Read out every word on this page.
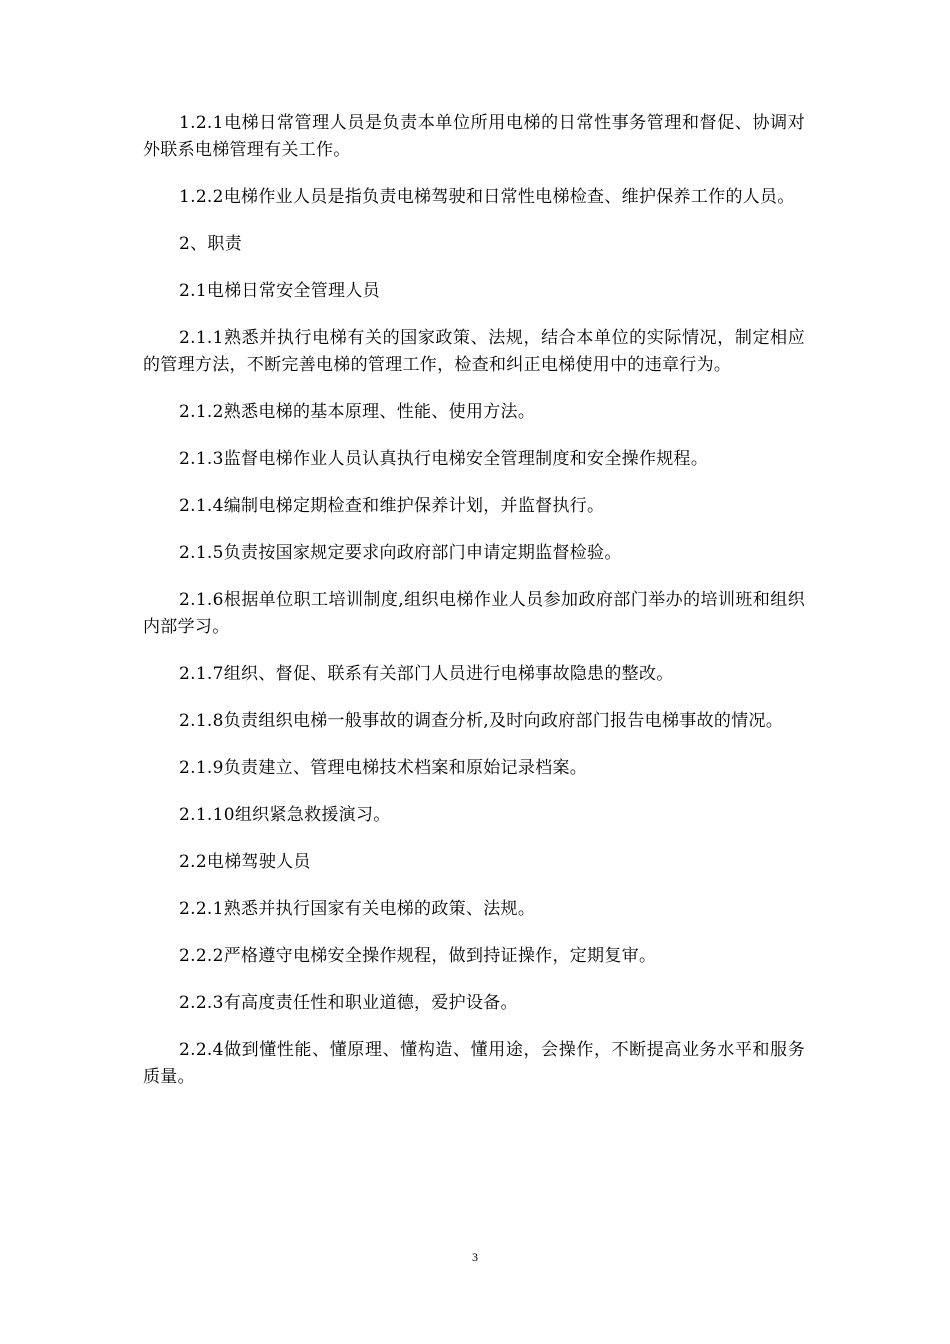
1.2.1电梯日常管理人员是负责本单位所用电梯的日常性事务管理和督促、协调对外联系电梯管理有关工作。

1.2.2电梯作业人员是指负责电梯驾驶和日常性电梯检查、维护保养工作的人员。

2、职责

2.1电梯日常安全管理人员

2.1.1熟悉并执行电梯有关的国家政策、法规，结合本单位的实际情况，制定相应的管理方法，不断完善电梯的管理工作，检查和纠正电梯使用中的违章行为。

2.1.2熟悉电梯的基本原理、性能、使用方法。

2.1.3监督电梯作业人员认真执行电梯安全管理制度和安全操作规程。

2.1.4编制电梯定期检查和维护保养计划，并监督执行。

2.1.5负责按国家规定要求向政府部门申请定期监督检验。

2.1.6根据单位职工培训制度,组织电梯作业人员参加政府部门举办的培训班和组织内部学习。

2.1.7组织、督促、联系有关部门人员进行电梯事故隐患的整改。

2.1.8负责组织电梯一般事故的调查分析,及时向政府部门报告电梯事故的情况。

2.1.9负责建立、管理电梯技术档案和原始记录档案。

2.1.10组织紧急救援演习。

2.2电梯驾驶人员

2.2.1熟悉并执行国家有关电梯的政策、法规。

2.2.2严格遵守电梯安全操作规程，做到持证操作，定期复审。

2.2.3有高度责任性和职业道德，爱护设备。

2.2.4做到懂性能、懂原理、懂构造、懂用途，会操作，不断提高业务水平和服务质量。

3
